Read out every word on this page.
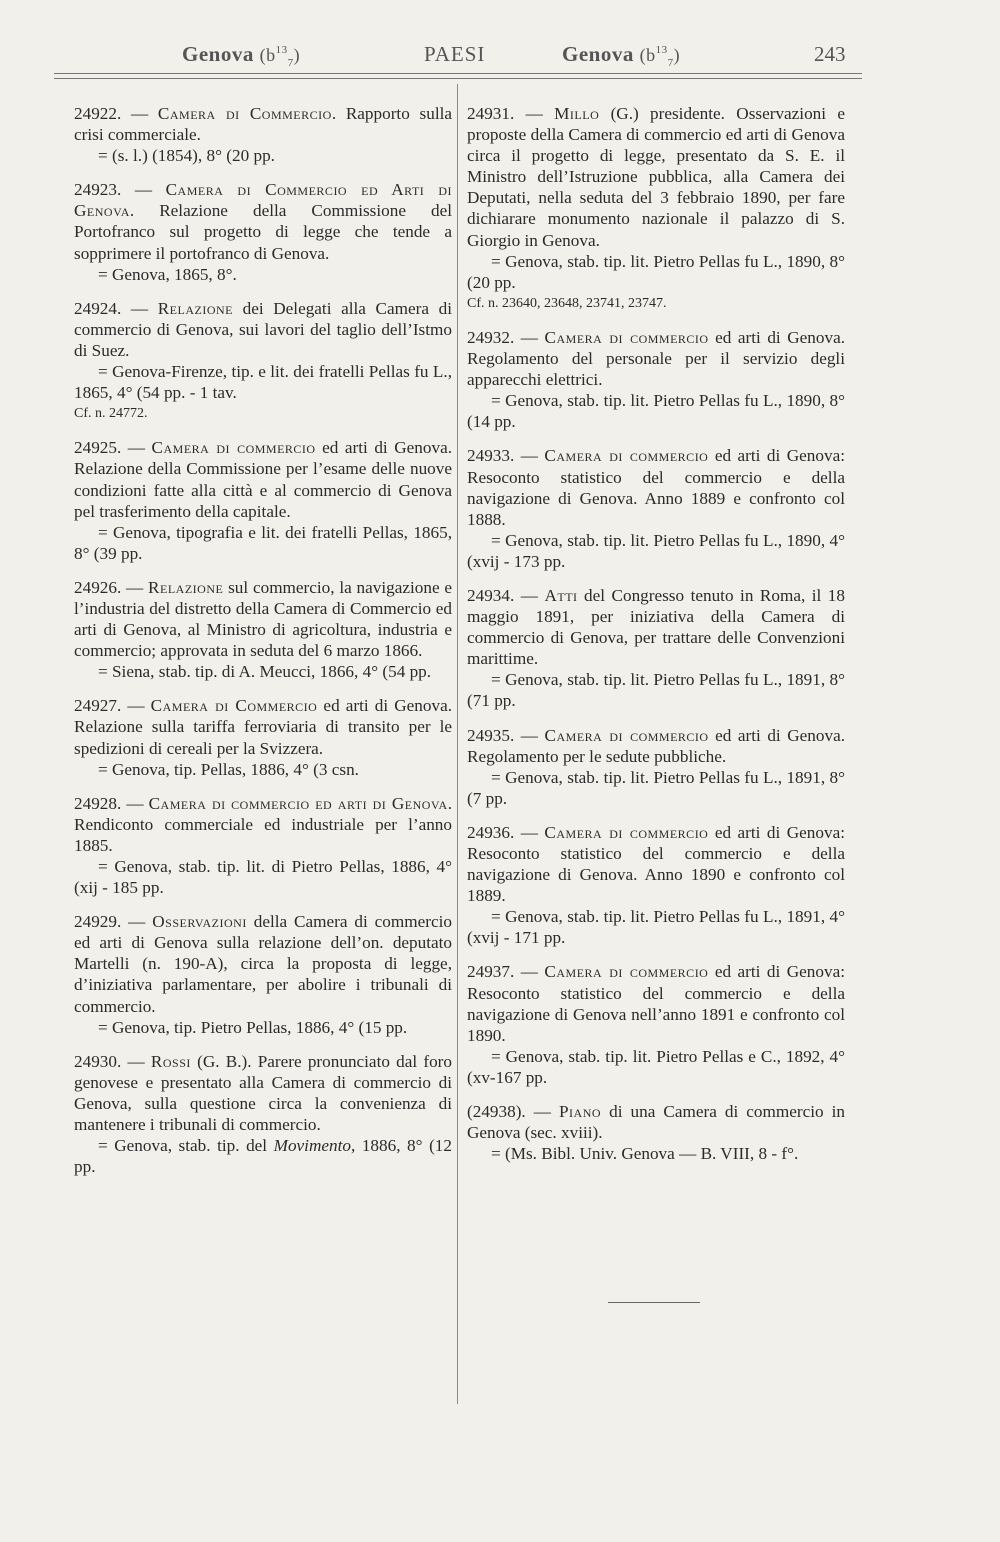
Genova $(b^{13}_7)$	PAESI	Genova $(b^{13}_7)$	243

24922. — Camera di Commercio. Rapporto sulla crisi commerciale.

= (s. l.) (1854), 8° (20 pp.

24923. — Camera di Commercio ed Arti di Genova. Relazione della Commissione del Portofranco sul progetto di legge che tende a sopprimere il portofranco di Genova.

= Genova, 1865, 8°.

24924. — Relazione dei Delegati alla Camera di commercio di Genova, sui lavori del taglio dell’Istmo di Suez.

= Genova-Firenze, tip. e lit. dei fratelli Pellas fu L., 1865, 4° (54 pp. - 1 tav.

Cf. n. 24772.

24925. — Camera di commercio ed arti di Genova. Relazione della Commissione per l’esame delle nuove condizioni fatte alla città e al commercio di Genova pel trasferimento della capitale.

= Genova, tipografia e lit. dei fratelli Pellas, 1865, 8° (39 pp.

24926. — Relazione sul commercio, la navigazione e l’industria del distretto della Camera di Commercio ed arti di Genova, al Ministro di agricoltura, industria e commercio; approvata in seduta del 6 marzo 1866.

= Siena, stab. tip. di A. Meucci, 1866, 4° (54 pp.

24927. — Camera di Commercio ed arti di Genova. Relazione sulla tariffa ferroviaria di transito per le spedizioni di cereali per la Svizzera.

= Genova, tip. Pellas, 1886, 4° (3 csn.

24928. — Camera di commercio ed arti di Genova. Rendiconto commerciale ed industriale per l’anno 1885.

= Genova, stab. tip. lit. di Pietro Pellas, 1886, 4° (xij - 185 pp.

24929. — Osservazioni della Camera di commercio ed arti di Genova sulla relazione dell’on. deputato Martelli (n. 190-A), circa la proposta di legge, d’iniziativa parlamentare, per abolire i tribunali di commercio.

= Genova, tip. Pietro Pellas, 1886, 4° (15 pp.

24930. — Rossi (G. B.). Parere pronunciato dal foro genovese e presentato alla Camera di commercio di Genova, sulla questione circa la convenienza di mantenere i tribunali di commercio.

= Genova, stab. tip. del Movimento, 1886, 8° (12 pp.

24931. — Millo (G.) presidente. Osservazioni e proposte della Camera di commercio ed arti di Genova circa il progetto di legge, presentato da S. E. il Ministro dell’Istruzione pubblica, alla Camera dei Deputati, nella seduta del 3 febbraio 1890, per fare dichiarare monumento nazionale il palazzo di S. Giorgio in Genova.

= Genova, stab. tip. lit. Pietro Pellas fu L., 1890, 8° (20 pp.

Cf. n. 23640, 23648, 23741, 23747.

24932. — Camera di commercio ed arti di Genova. Regolamento del personale per il servizio degli apparecchi elettrici.

= Genova, stab. tip. lit. Pietro Pellas fu L., 1890, 8° (14 pp.

24933. — Camera di commercio ed arti di Genova: Resoconto statistico del commercio e della navigazione di Genova. Anno 1889 e confronto col 1888.

= Genova, stab. tip. lit. Pietro Pellas fu L., 1890, 4° (xvij - 173 pp.

24934. — Atti del Congresso tenuto in Roma, il 18 maggio 1891, per iniziativa della Camera di commercio di Genova, per trattare delle Convenzioni marittime.

= Genova, stab. tip. lit. Pietro Pellas fu L., 1891, 8° (71 pp.

24935. — Camera di commercio ed arti di Genova. Regolamento per le sedute pubbliche.

= Genova, stab. tip. lit. Pietro Pellas fu L., 1891, 8° (7 pp.

24936. — Camera di commercio ed arti di Genova: Resoconto statistico del commercio e della navigazione di Genova. Anno 1890 e confronto col 1889.

= Genova, stab. tip. lit. Pietro Pellas fu L., 1891, 4° (xvij - 171 pp.

24937. — Camera di commercio ed arti di Genova: Resoconto statistico del commercio e della navigazione di Genova nell’anno 1891 e confronto col 1890.

= Genova, stab. tip. lit. Pietro Pellas e C., 1892, 4° (xv-167 pp.

(24938). — Piano di una Camera di commercio in Genova (sec. xviii).

= (Ms. Bibl. Univ. Genova — B. VIII, 8 - f°.
